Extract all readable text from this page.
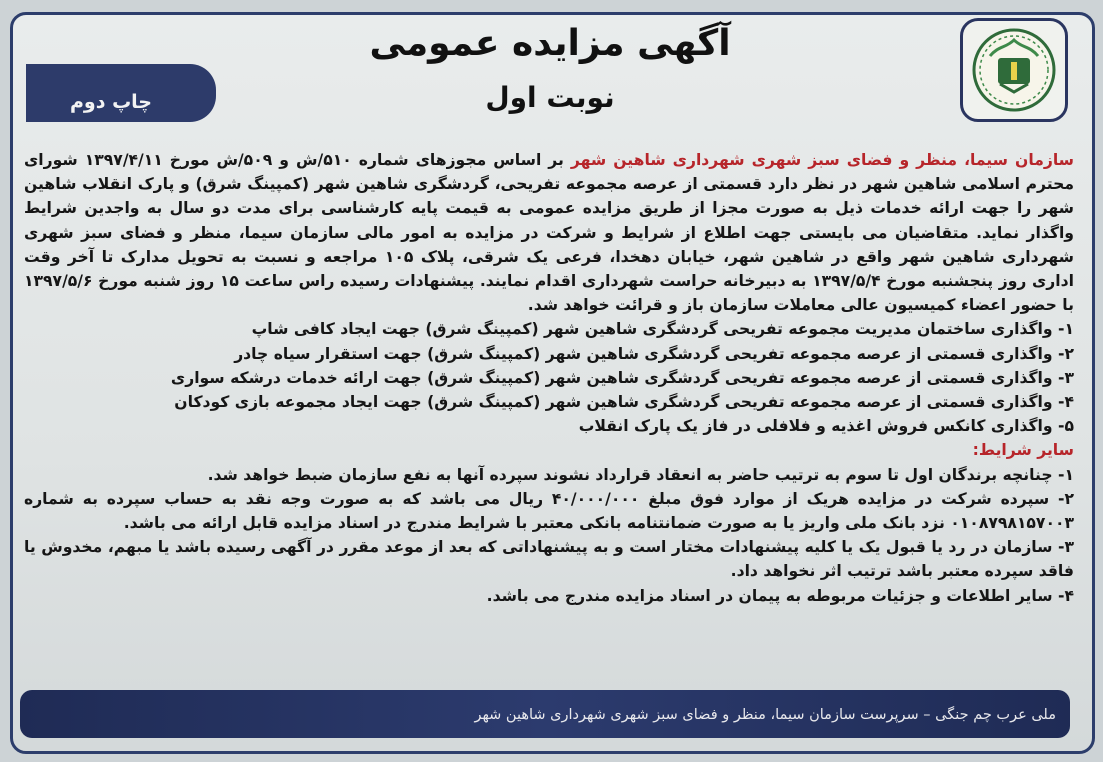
آگهی مزایده عمومی
نوبت اول
چاپ دوم

سازمان سیما، منظر و فضای سبز شهری شهرداری شاهین شهر بر اساس مجوزهای شماره ۵۱۰/ش و ۵۰۹/ش مورخ ۱۳۹۷/۴/۱۱ شورای محترم اسلامی شاهین شهر در نظر دارد قسمتی از عرصه مجموعه تفریحی، گردشگری شاهین شهر (کمپینگ شرق) و پارک انقلاب شاهین شهر را جهت ارائه خدمات ذیل به صورت مجزا از طریق مزایده عمومی به قیمت پایه کارشناسی برای مدت دو سال به واجدین شرایط واگذار نماید. متقاضیان می بایستی جهت اطلاع از شرایط و شرکت در مزایده به امور مالی سازمان سیما، منظر و فضای سبز شهری شهرداری شاهین شهر واقع در شاهین شهر، خیابان دهخدا، فرعی یک شرقی، پلاک ۱۰۵ مراجعه و نسبت به تحویل مدارک تا آخر وقت اداری روز پنجشنبه مورخ ۱۳۹۷/۵/۴ به دبیرخانه حراست شهرداری اقدام نمایند. پیشنهادات رسیده راس ساعت ۱۵ روز شنبه مورخ ۱۳۹۷/۵/۶ با حضور اعضاء کمیسیون عالی معاملات سازمان باز و قرائت خواهد شد.

۱- واگذاری ساختمان مدیریت مجموعه تفریحی گردشگری شاهین شهر (کمپینگ شرق) جهت ایجاد کافی شاپ
۲- واگذاری قسمتی از عرصه مجموعه تفریحی گردشگری شاهین شهر (کمپینگ شرق) جهت استقرار سیاه چادر
۳- واگذاری قسمتی از عرصه مجموعه تفریحی گردشگری شاهین شهر (کمپینگ شرق) جهت ارائه خدمات درشکه سواری
۴- واگذاری قسمتی از عرصه مجموعه تفریحی گردشگری شاهین شهر (کمپینگ شرق) جهت ایجاد مجموعه بازی کودکان
۵- واگذاری کانکس فروش اغذیه و فلافلی در فاز یک پارک انقلاب

سایر شرایط:

۱- چنانچه برندگان اول تا سوم به ترتیب حاضر به انعقاد قرارداد نشوند سپرده آنها به نفع سازمان ضبط خواهد شد.
۲- سپرده شرکت در مزایده هریک از موارد فوق مبلغ ۴۰/۰۰۰/۰۰۰ ریال می باشد که به صورت وجه نقد به حساب سپرده به شماره ۰۱۰۸۷۹۸۱۵۷۰۰۳ نزد بانک ملی واریز یا به صورت ضمانتنامه بانکی معتبر با شرایط مندرج در اسناد مزایده قابل ارائه می باشد.
۳- سازمان در رد یا قبول یک یا کلیه پیشنهادات مختار است و به پیشنهاداتی که بعد از موعد مقرر در آگهی رسیده باشد یا مبهم، مخدوش یا فاقد سپرده معتبر باشد ترتیب اثر نخواهد داد.
۴- سایر اطلاعات و جزئیات مربوطه به پیمان در اسناد مزایده مندرج می باشد.
ملی عرب چم جنگی – سرپرست سازمان سیما، منظر و فضای سبز شهری شهرداری شاهین شهر
